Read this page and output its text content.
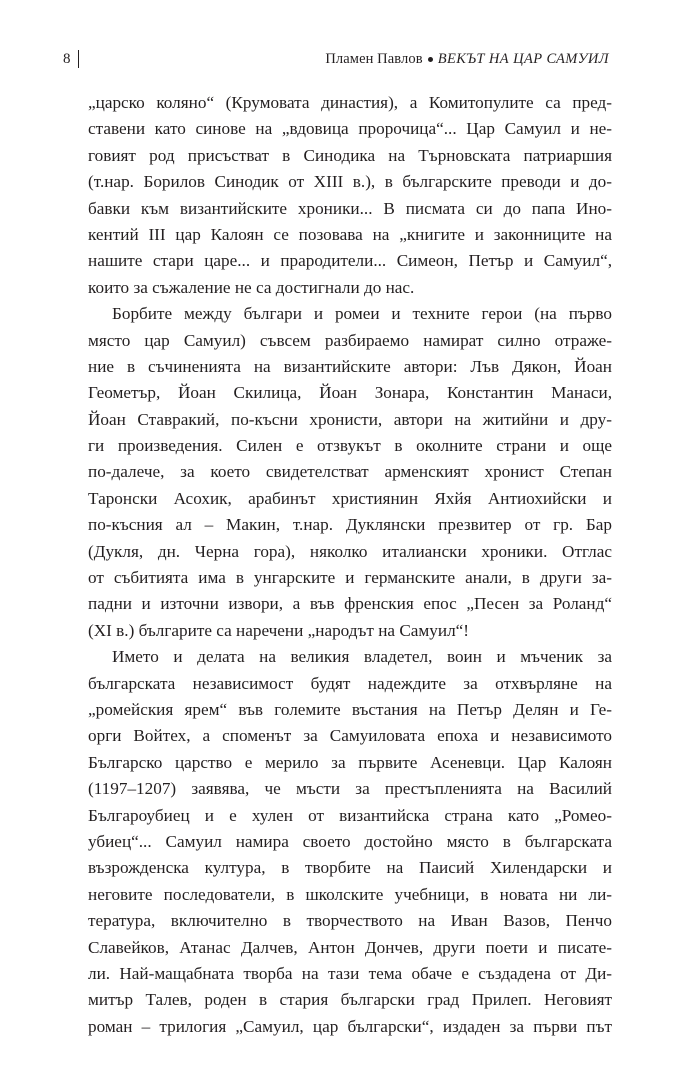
8	Пламен Павлов ВЕКЪТ НА ЦАР САМУИЛ

„царско коляно“ (Крумовата династия), а Комитопулите са пред-
ставени като синове на „вдовица пророчица“... Цар Самуил и не-
говият род присъстват в Синодика на Търновската патриаршия
(т.нар. Борилов Синодик от XIII в.), в българските преводи и до-
бавки към византийските хроники... В писмата си до папа Ино-
кентий III цар Калоян се позовава на „книгите и законниците на
нашите стари царе... и прародители... Симеон, Петър и Самуил“,
които за съжаление не са достигнали до нас.

Борбите между българи и ромеи и техните герои (на първо
място цар Самуил) съвсем разбираемо намират силно отраже-
ние в съчиненията на византийските автори: Лъв Дякон, Йоан
Геометър, Йоан Скилица, Йоан Зонара, Константин Манаси,
Йоан Ставракий, по-късни хронисти, автори на житийни и дру-
ги произведения. Силен е отзвукът в околните страни и още
по-далече, за което свидетелстват арменският хронист Степан
Таронски Асохик, арабинът християнин Яхйя Антиохийски и
по-късния ал – Макин, т.нар. Дуклянски презвитер от гр. Бар
(Дукля, дн. Черна гора), няколко италиански хроники. Отглас
от събитията има в унгарските и германските анали, в други за-
падни и източни извори, а във френския епос „Песен за Роланд“
(XI в.) българите са наречени „народът на Самуил“!

Името и делата на великия владетел, воин и мъченик за
българската независимост будят надеждите за отхвърляне на
„ромейския ярем“ във големите въстания на Петър Делян и Ге-
орги Войтех, а споменът за Самуиловата епоха и независимото
Българско царство е мерило за първите Асеневци. Цар Калоян
(1197–1207) заявява, че мъсти за престъпленията на Василий
Българоубиец и е хулен от византийска страна като „Ромео-
убиец“... Самуил намира своето достойно място в българската
възрожденска култура, в творбите на Паисий Хилендарски и
неговите последователи, в школските учебници, в новата ни ли-
тература, включително в творчеството на Иван Вазов, Пенчо
Славейков, Атанас Далчев, Антон Дончев, други поети и писате-
ли. Най-мащабната творба на тази тема обаче е създадена от Ди-
митър Талев, роден в стария български град Прилеп. Неговият
роман – трилогия „Самуил, цар български“, издаден за първи път
